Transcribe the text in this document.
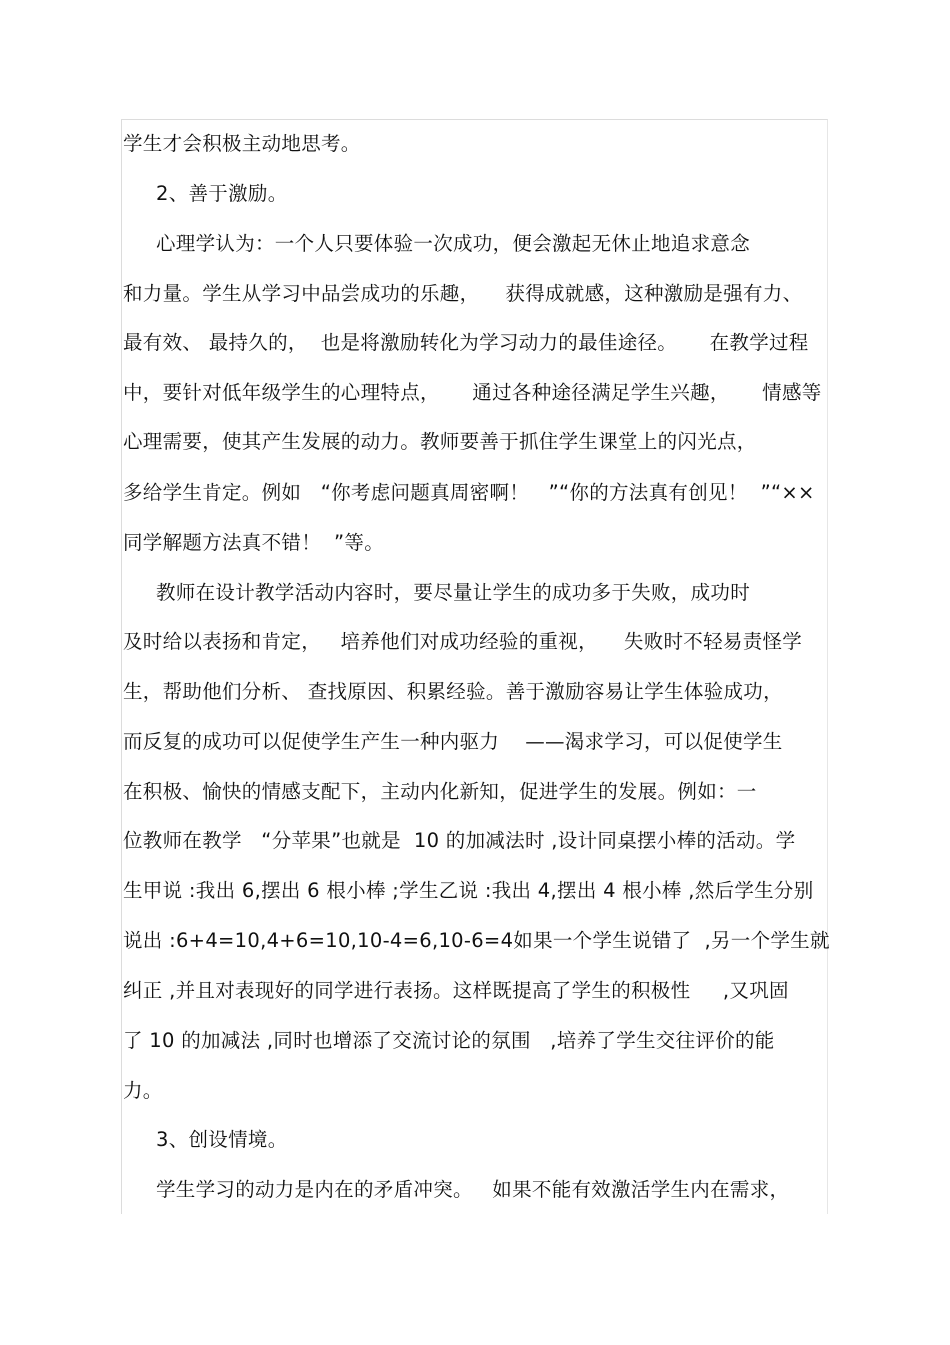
学生才会积极主动地思考。
2、善于激励。
心理学认为：一个人只要体验一次成功，便会激起无休止地追求意念
和力量。学生从学习中品尝成功的乐趣，    获得成就感，这种激励是强有力、
最有效、 最持久的，  也是将激励转化为学习动力的最佳途径。     在教学过程
中，要针对低年级学生的心理特点，     通过各种途径满足学生兴趣，     情感等
心理需要，使其产生发展的动力。教师要善于抓住学生课堂上的闪光点，
多给学生肯定。例如   “你考虑问题真周密啊！   ”“你的方法真有创见！  ”“××
同学解题方法真不错！  ”等。
教师在设计教学活动内容时，要尽量让学生的成功多于失败，成功时
及时给以表扬和肯定，   培养他们对成功经验的重视，    失败时不轻易责怪学
生，帮助他们分析、 查找原因、积累经验。善于激励容易让学生体验成功，
而反复的成功可以促使学生产生一种内驱力    ——渴求学习，可以促使学生
在积极、愉快的情感支配下，主动内化新知，促进学生的发展。例如：一
位教师在教学   “分苹果”也就是  10 的加减法时 ,设计同桌摆小棒的活动。学
生甲说 :我出 6,摆出 6 根小棒 ;学生乙说 :我出 4,摆出 4 根小棒 ,然后学生分别
说出 :6+4=10,4+6=10,10-4=6,10-6=4如果一个学生说错了  ,另一个学生就
纠正 ,并且对表现好的同学进行表扬。这样既提高了学生的积极性     ,又巩固
了 10 的加减法 ,同时也增添了交流讨论的氛围   ,培养了学生交往评价的能
力。
3、创设情境。
学生学习的动力是内在的矛盾冲突。   如果不能有效激活学生内在需求，
